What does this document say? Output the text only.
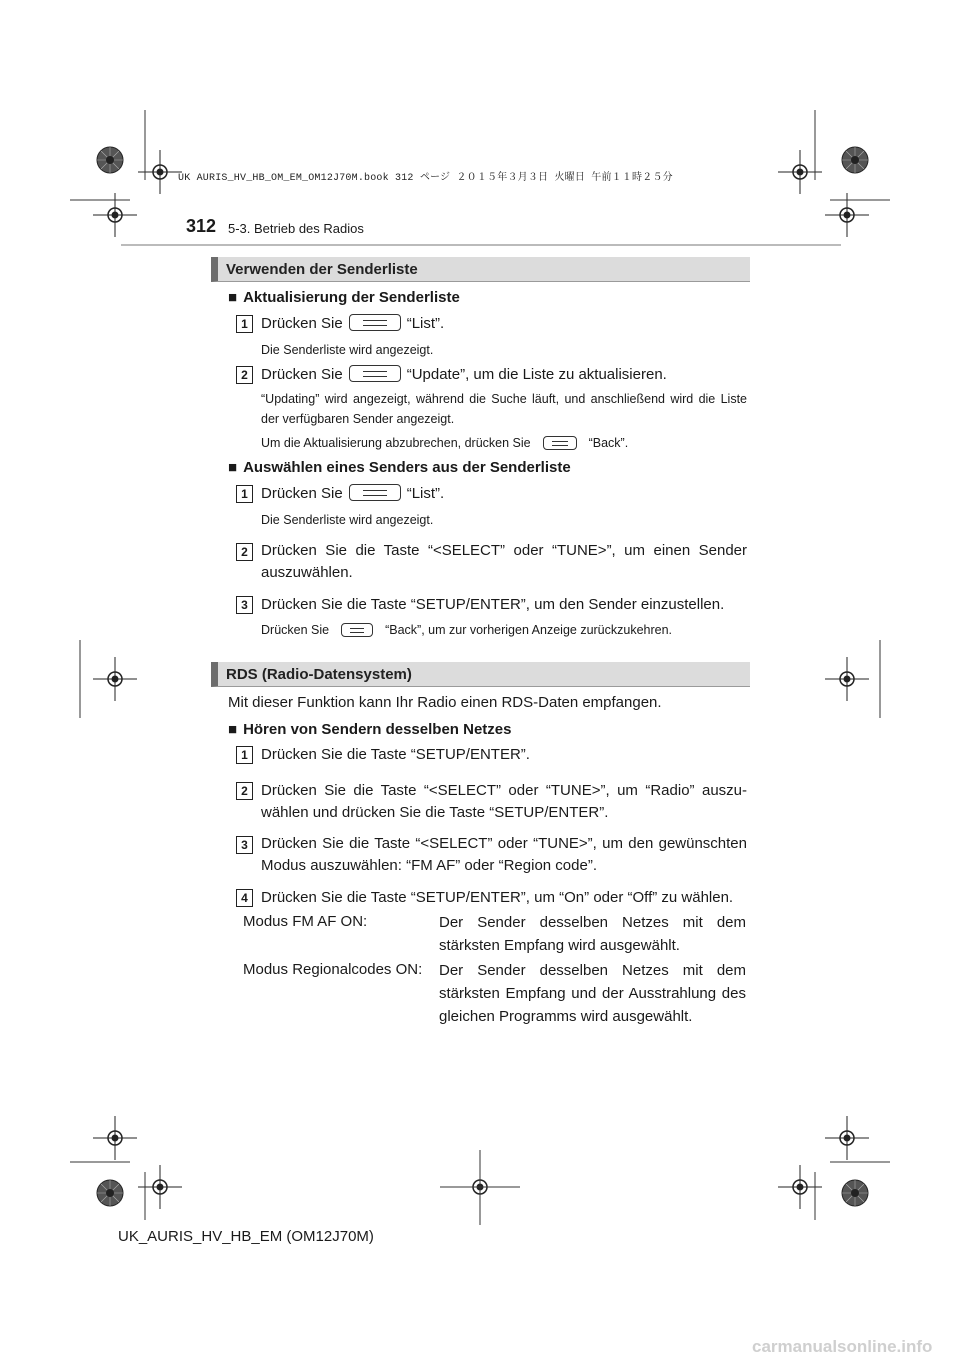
UK AURIS_HV_HB_OM_EM_OM12J70M.book 312 ページ ２０１５年３月３日 火曜日 午前１１時２５分
312 5-3. Betrieb des Radios
Verwenden der Senderliste
■ Aktualisierung der Senderliste
1 Drücken Sie	“List”.
Die Senderliste wird angezeigt.
2 Drücken Sie	“Update”, um die Liste zu aktualisieren.
“Updating” wird angezeigt, während die Suche läuft, und anschließend wird die Liste der verfügbaren Sender angezeigt.
Um die Aktualisierung abzubrechen, drücken Sie	“Back”.
■ Auswählen eines Senders aus der Senderliste
1 Drücken Sie	“List”.
Die Senderliste wird angezeigt.
2 Drücken Sie die Taste “<SELECT” oder “TUNE>”, um einen Sender auszuwählen.
3 Drücken Sie die Taste “SETUP/ENTER”, um den Sender einzustellen.
Drücken Sie	“Back”, um zur vorherigen Anzeige zurückzukehren.
RDS (Radio-Datensystem)
Mit dieser Funktion kann Ihr Radio einen RDS-Daten empfangen.
■ Hören von Sendern desselben Netzes
1 Drücken Sie die Taste “SETUP/ENTER”.
2 Drücken Sie die Taste “<SELECT” oder “TUNE>”, um “Radio” auszu-wählen und drücken Sie die Taste “SETUP/ENTER”.
3 Drücken Sie die Taste “<SELECT” oder “TUNE>”, um den gewünschten Modus auszuwählen: “FM AF” oder “Region code”.
4 Drücken Sie die Taste “SETUP/ENTER”, um “On” oder “Off” zu wählen.
Modus FM AF ON:	Der Sender desselben Netzes mit dem stärksten Empfang wird ausgewählt.
Modus Regionalcodes ON: Der Sender desselben Netzes mit dem stärksten Empfang und der Ausstrahlung des gleichen Programms wird ausgewählt.
UK_AURIS_HV_HB_EM (OM12J70M)
carmanualsonline.info
